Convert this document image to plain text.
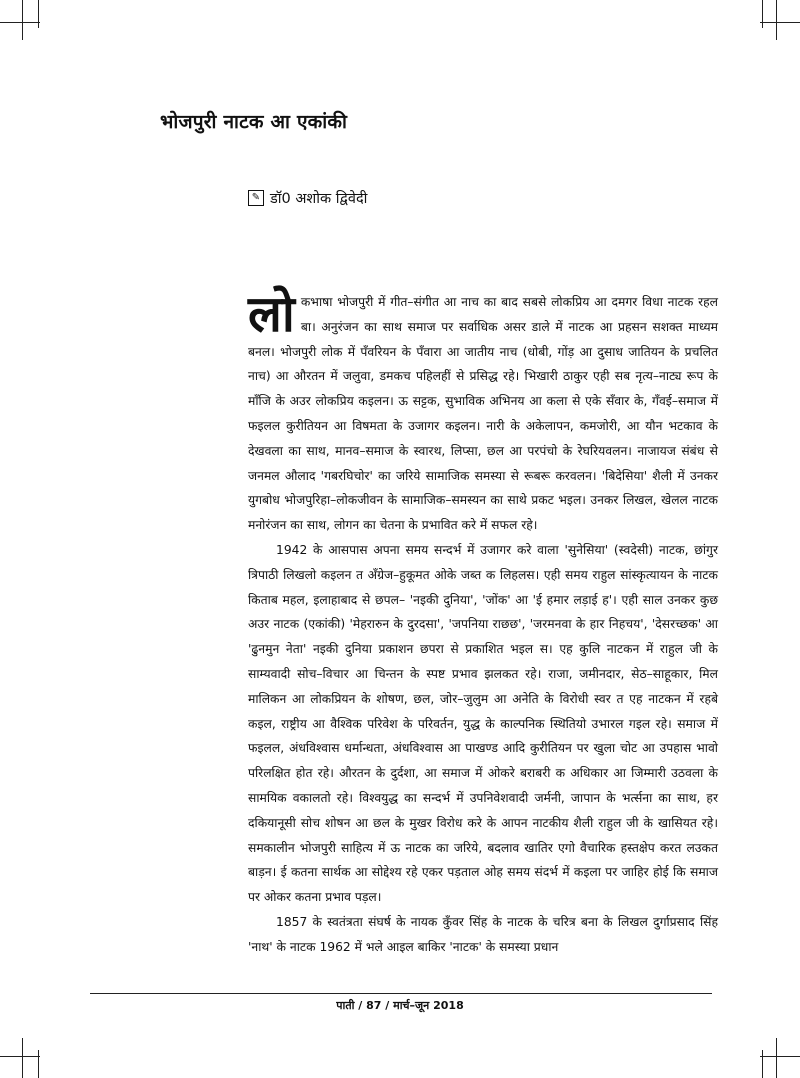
भोजपुरी नाटक आ एकांकी
✎ डॉ0 अशोक द्विवेदी

लोकभाषा भोजपुरी में गीत–संगीत आ नाच का बाद सबसे लोकप्रिय आ दमगर विधा नाटक रहल बा। अनुरंजन का साथ समाज पर सर्वाधिक असर डाले में नाटक आ प्रहसन सशक्त माध्यम बनल। भोजपुरी लोक में पँवरियन के पँवारा आ जातीय नाच (धोबी, गोंड़ आ दुसाध जातियन के प्रचलित नाच) आ औरतन में जलुवा, डमकच पहिलहीं से प्रसिद्ध रहे। भिखारी ठाकुर एही सब नृत्य–नाट्य रूप के माँजि के अउर लोकप्रिय कइलन। ऊ सट्टक, सुभाविक अभिनय आ कला से एके सँवार के, गँवई–समाज में फइलल कुरीतियन आ विषमता के उजागर कइलन। नारी के अकेलापन, कमजोरी, आ यौन भटकाव के देखवला का साथ, मानव–समाज के स्वारथ, लिप्सा, छल आ परपंचो के रेघरियवलन। नाजायज संबंध से जनमल औलाद 'गबरघिचोर' का जरिये सामाजिक समस्या से रूबरू करवलन। 'बिदेसिया' शैली में उनकर युगबोध भोजपुरिहा–लोकजीवन के सामाजिक–समस्यन का साथे प्रकट भइल। उनकर लिखल, खेलल नाटक मनोरंजन का साथ, लोगन का चेतना के प्रभावित करे में सफल रहे।

1942 के आसपास अपना समय सन्दर्भ में उजागर करे वाला 'सुनेसिया' (स्वदेसी) नाटक, छांगुर त्रिपाठी लिखलो कइलन त अँग्रेज–हुकूमत ओके जब्त क लिहलस। एही समय राहुल सांस्कृत्यायन के नाटक किताब महल, इलाहाबाद से छपल– 'नइकी दुनिया', 'जोंक' आ 'ई हमार लड़ाई ह'। एही साल उनकर कुछ अउर नाटक (एकांकी) 'मेहरारुन के दुरदसा', 'जपनिया राछछ', 'जरमनवा के हार निहचय', 'देसरच्छक' आ 'ढुनमुन नेता' नइकी दुनिया प्रकाशन छपरा से प्रकाशित भइल स। एह कुलि नाटकन में राहुल जी के साम्यवादी सोच–विचार आ चिन्तन के स्पष्ट प्रभाव झलकत रहे। राजा, जमीनदार, सेठ–साहूकार, मिल मालिकन आ लोकप्रियन के शोषण, छल, जोर–जुलुम आ अनेति के विरोधी स्वर त एह नाटकन में रहबे कइल, राष्ट्रीय आ वैश्विक परिवेश के परिवर्तन, युद्ध के काल्पनिक स्थितियो उभारल गइल रहे। समाज में फइलल, अंधविश्वास धर्मान्धता, अंधविश्वास आ पाखण्ड आदि कुरीतियन पर खुला चोट आ उपहास भावो परिलक्षित होत रहे। औरतन के दुर्दशा, आ समाज में ओकरे बराबरी क अधिकार आ जिम्मारी उठवला के सामयिक वकालतो रहे। विश्वयुद्ध का सन्दर्भ में उपनिवेशवादी जर्मनी, जापान के भर्त्सना का साथ, हर दकियानूसी सोच शोषन आ छल के मुखर विरोध करे के आपन नाटकीय शैली राहुल जी के खासियत रहे। समकालीन भोजपुरी साहित्य में ऊ नाटक का जरिये, बदलाव खातिर एगो वैचारिक हस्तक्षेप करत लउकत बाड़न। ई कतना सार्थक आ सोद्देश्य रहे एकर पड़ताल ओह समय संदर्भ में कइला पर जाहिर होई कि समाज पर ओकर कतना प्रभाव पड़ल।

1857 के स्वतंत्रता संघर्ष के नायक कुँवर सिंह के नाटक के चरित्र बना के लिखल दुर्गाप्रसाद सिंह 'नाथ' के नाटक 1962 में भले आइल बाकिर 'नाटक' के समस्या प्रधान

पाती / 87 / मार्च–जून 2018
